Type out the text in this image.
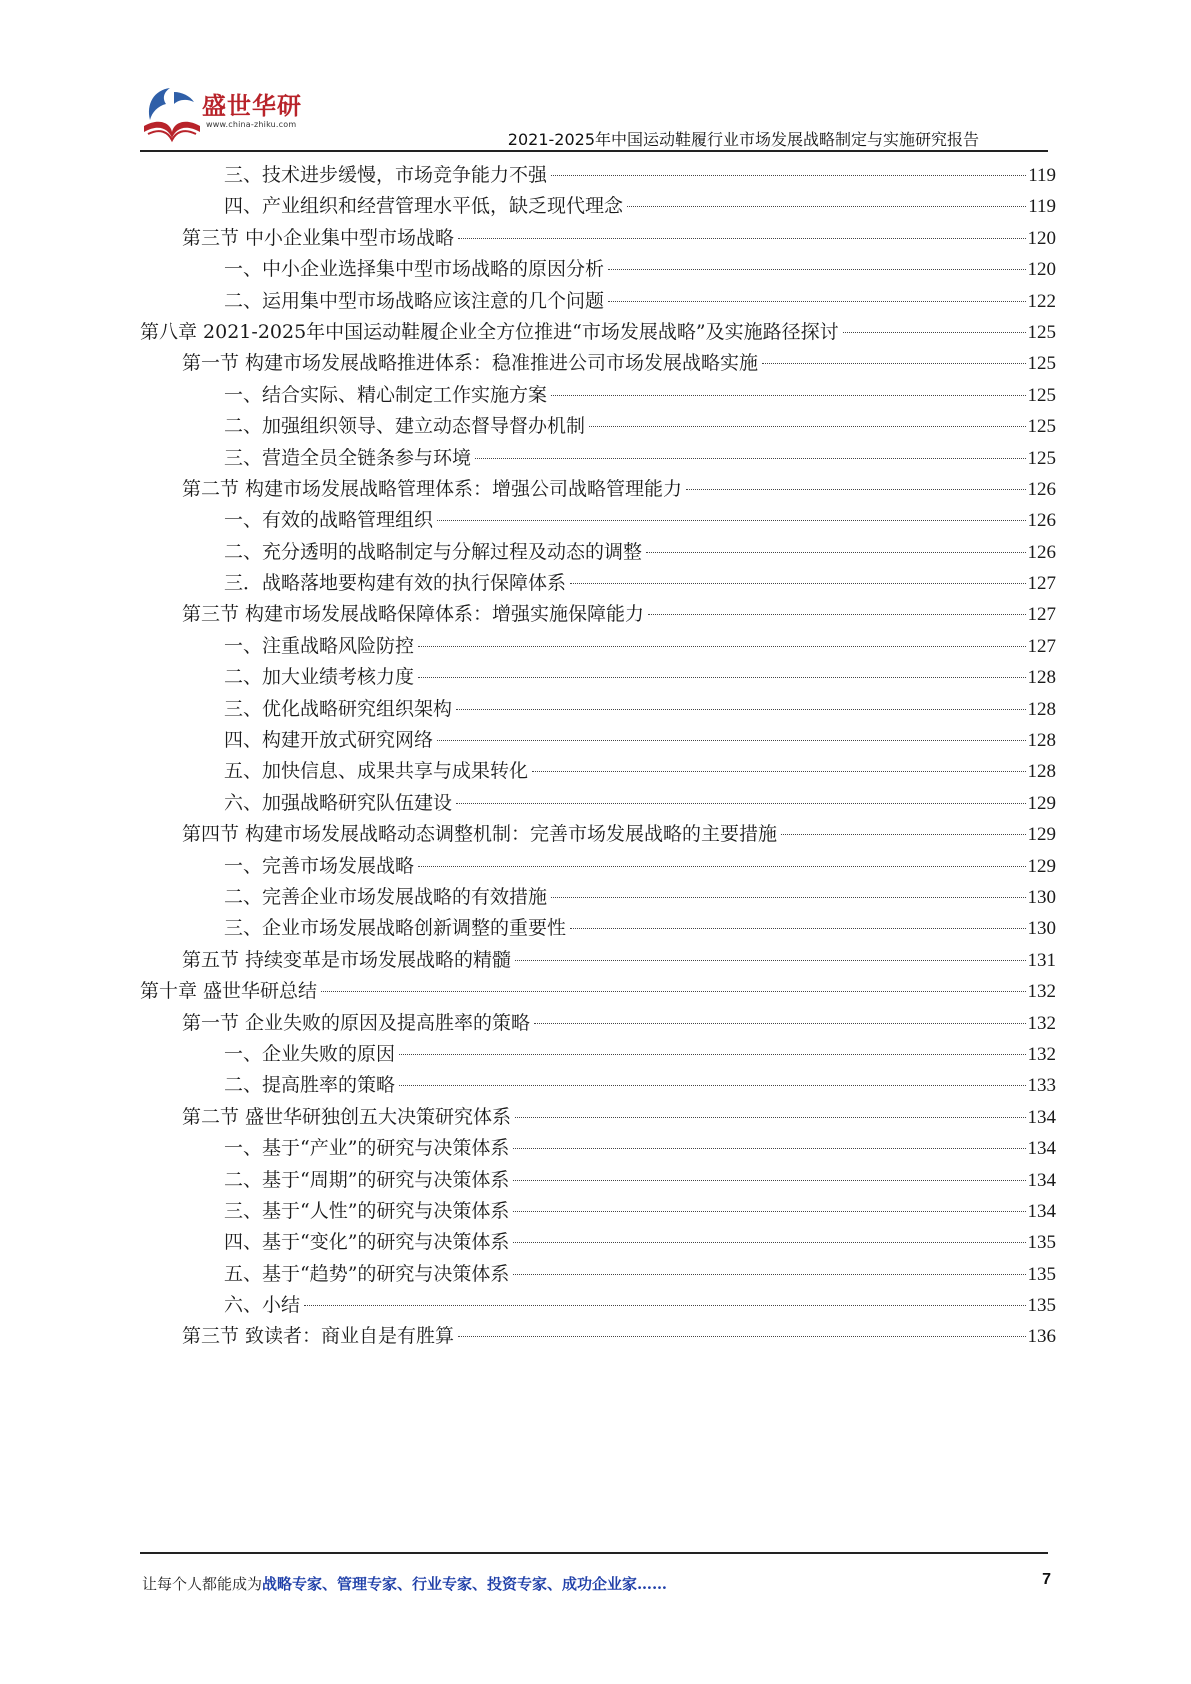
盛世华研
www.china-zhiku.com
2021-2025年中国运动鞋履行业市场发展战略制定与实施研究报告
三、技术进步缓慢，市场竞争能力不强	119
四、产业组织和经营管理水平低，缺乏现代理念	119
第三节 中小企业集中型市场战略	120
一、中小企业选择集中型市场战略的原因分析	120
二、运用集中型市场战略应该注意的几个问题	122
第八章 2021-2025年中国运动鞋履企业全方位推进“市场发展战略”及实施路径探讨	125
第一节 构建市场发展战略推进体系：稳准推进公司市场发展战略实施	125
一、结合实际、精心制定工作实施方案	125
二、加强组织领导、建立动态督导督办机制	125
三、营造全员全链条参与环境	125
第二节 构建市场发展战略管理体系：增强公司战略管理能力	126
一、有效的战略管理组织	126
二、充分透明的战略制定与分解过程及动态的调整	126
三．战略落地要构建有效的执行保障体系	127
第三节 构建市场发展战略保障体系：增强实施保障能力	127
一、注重战略风险防控	127
二、加大业绩考核力度	128
三、优化战略研究组织架构	128
四、构建开放式研究网络	128
五、加快信息、成果共享与成果转化	128
六、加强战略研究队伍建设	129
第四节 构建市场发展战略动态调整机制：完善市场发展战略的主要措施	129
一、完善市场发展战略	129
二、完善企业市场发展战略的有效措施	130
三、企业市场发展战略创新调整的重要性	130
第五节 持续变革是市场发展战略的精髓	131
第十章 盛世华研总结	132
第一节 企业失败的原因及提高胜率的策略	132
一、企业失败的原因	132
二、提高胜率的策略	133
第二节 盛世华研独创五大决策研究体系	134
一、基于“产业”的研究与决策体系	134
二、基于“周期”的研究与决策体系	134
三、基于“人性”的研究与决策体系	134
四、基于“变化”的研究与决策体系	135
五、基于“趋势”的研究与决策体系	135
六、小结	135
第三节 致读者：商业自是有胜算	136
让每个人都能成为战略专家、管理专家、行业专家、投资专家、成功企业家……	7
